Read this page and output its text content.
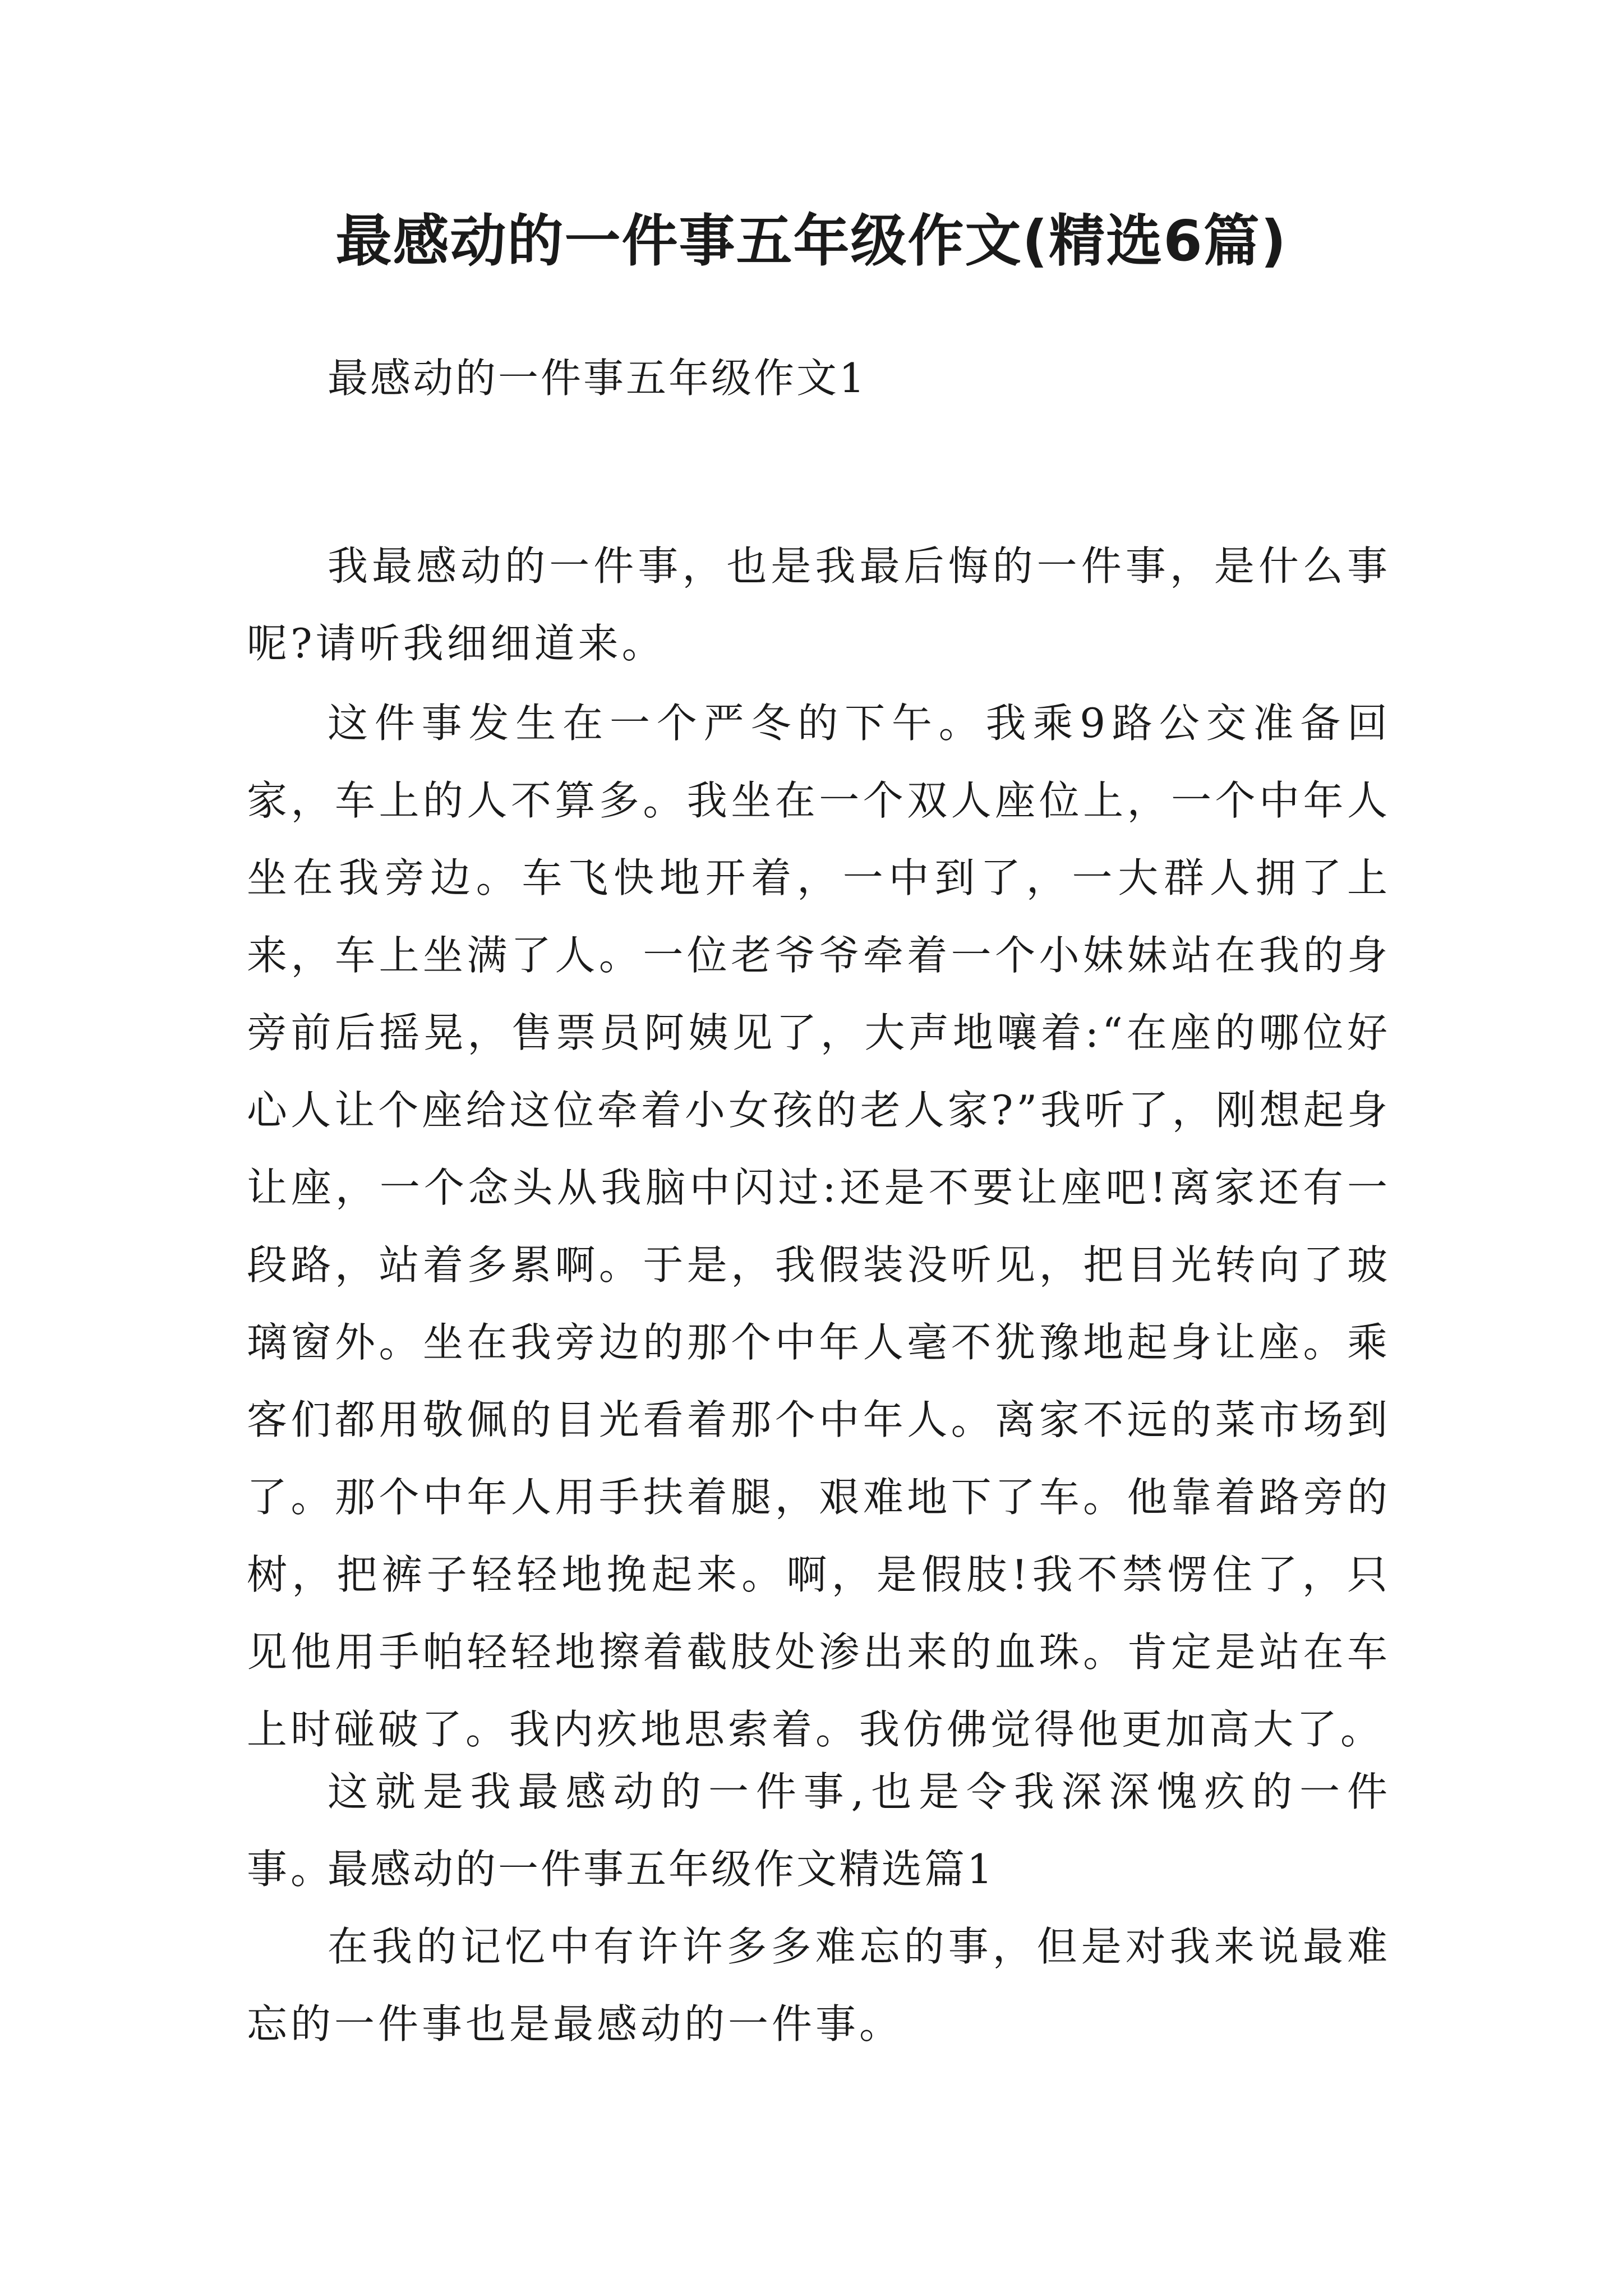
最感动的一件事五年级作文(精选6篇)

最感动的一件事五年级作文1

我最感动的一件事，也是我最后悔的一件事，是什么事呢?请听我细细道来。

这件事发生在一个严冬的下午。我乘9路公交准备回家，车上的人不算多。我坐在一个双人座位上，一个中年人坐在我旁边。车飞快地开着，一中到了，一大群人拥了上来，车上坐满了人。一位老爷爷牵着一个小妹妹站在我的身旁前后摇晃，售票员阿姨见了，大声地嚷着:“在座的哪位好心人让个座给这位牵着小女孩的老人家?”我听了，刚想起身让座，一个念头从我脑中闪过:还是不要让座吧!离家还有一段路，站着多累啊。于是，我假装没听见，把目光转向了玻璃窗外。坐在我旁边的那个中年人毫不犹豫地起身让座。乘客们都用敬佩的目光看着那个中年人。离家不远的菜市场到了。那个中年人用手扶着腿，艰难地下了车。他靠着路旁的树，把裤子轻轻地挽起来。啊，是假肢!我不禁愣住了，只见他用手帕轻轻地擦着截肢处渗出来的血珠。肯定是站在车上时碰破了。我内疚地思索着。我仿佛觉得他更加高大了。

这就是我最感动的一件事,也是令我深深愧疚的一件事。

最感动的一件事五年级作文精选篇1

在我的记忆中有许许多多难忘的事，但是对我来说最难忘的一件事也是最感动的一件事。
